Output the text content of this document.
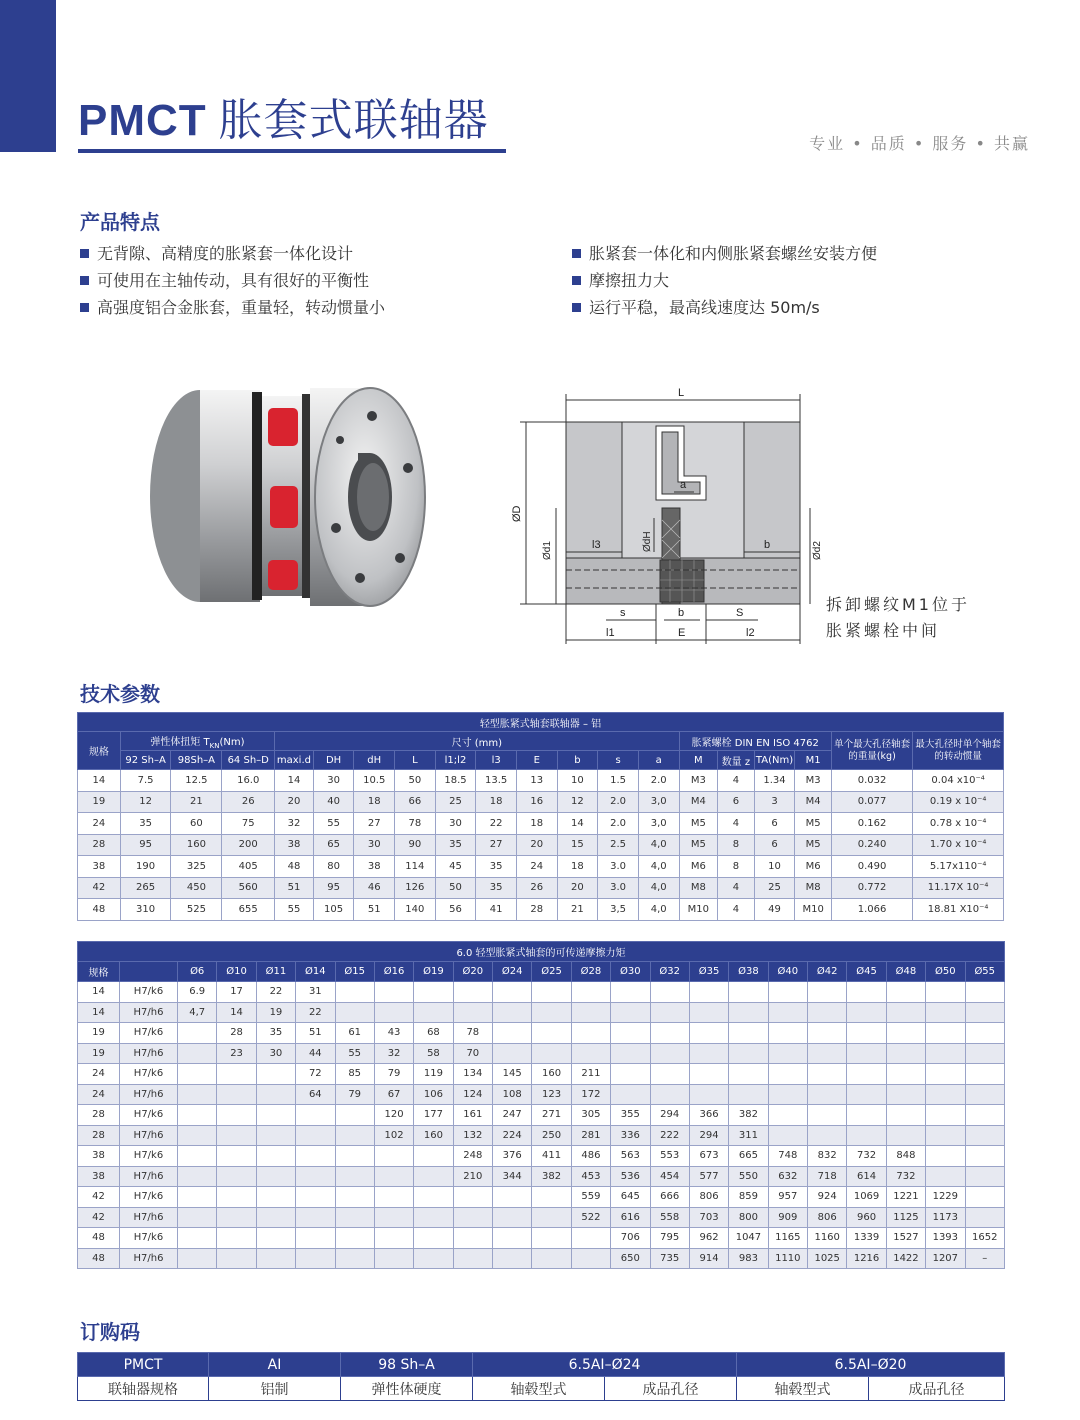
PMCT 胀套式联轴器	专业 • 品质 • 服务 • 共赢
产品特点
无背隙、高精度的胀紧套一体化设计
可使用在主轴传动，具有很好的平衡性
高强度铝合金胀套，重量轻，转动惯量小
胀紧套一体化和内侧胀紧套螺丝安装方便
摩擦扭力大
运行平稳，最高线速度达 50m/s
L
ØD
Ød1	Ød2
ØdH
a
l3	b
s	b	S
l1	E	l2
拆卸螺纹M1位于
胀紧螺栓中间
技术参数
轻型胀紧式轴套联轴器 – 铝																			
规格	弹性体扭矩 $T_{KN}(Nm)$			尺寸 (mm)										胀紧螺栓 DIN EN ISO 4762				单个最大孔径轴套的重量(kg)	最大孔径时单个轴套的转动惯量
	92 Sh–A	98Sh–A	64 Sh–D	maxi.d	DH	dH	L	l1;l2	l3	E	b	s	a	M	数量 z	TA(Nm)	M1		
14	7.5	12.5	16.0	14	30	10.5	50	18.5	13.5	13	10	1.5	2.0	M3	4	1.34	M3	0.032	0.04 x10⁻⁴
19	12	21	26	20	40	18	66	25	18	16	12	2.0	3,0	M4	6	3	M4	0.077	0.19 x 10⁻⁴
24	35	60	75	32	55	27	78	30	22	18	14	2.0	3,0	M5	4	6	M5	0.162	0.78 x 10⁻⁴
28	95	160	200	38	65	30	90	35	27	20	15	2.5	4,0	M5	8	6	M5	0.240	1.70 x 10⁻⁴
38	190	325	405	48	80	38	114	45	35	24	18	3.0	4,0	M6	8	10	M6	0.490	5.17x110⁻⁴
42	265	450	560	51	95	46	126	50	35	26	20	3.0	4,0	M8	4	25	M8	0.772	11.17X 10⁻⁴
48	310	525	655	55	105	51	140	56	41	28	21	3,5	4,0	M10	4	49	M10	1.066	18.81 X10⁻⁴
6.0 轻型胀紧式轴套的可传递摩擦力矩																						
规格		Ø6	Ø10	Ø11	Ø14	Ø15	Ø16	Ø19	Ø20	Ø24	Ø25	Ø28	Ø30	Ø32	Ø35	Ø38	Ø40	Ø42	Ø45	Ø48	Ø50	Ø55
14	H7/k6	6.9	17	22	31																	
14	H7/h6	4,7	14	19	22																	
19	H7/k6		28	35	51	61	43	68	78													
19	H7/h6		23	30	44	55	32	58	70													
24	H7/k6				72	85	79	119	134	145	160	211										
24	H7/h6				64	79	67	106	124	108	123	172										
28	H7/k6						120	177	161	247	271	305	355	294	366	382						
28	H7/h6						102	160	132	224	250	281	336	222	294	311						
38	H7/k6								248	376	411	486	563	553	673	665	748	832	732	848		
38	H7/h6								210	344	382	453	536	454	577	550	632	718	614	732		
42	H7/k6											559	645	666	806	859	957	924	1069	1221	1229	
42	H7/h6											522	616	558	703	800	909	806	960	1125	1173	
48	H7/k6												706	795	962	1047	1165	1160	1339	1527	1393	1652
48	H7/h6												650	735	914	983	1110	1025	1216	1422	1207	–
订购码
PMCT	AI	98 Sh–A	6.5AI–Ø24		6.5AI–Ø20	
联轴器规格	铝制	弹性体硬度	轴毂型式	成品孔径	轴毂型式	成品孔径
